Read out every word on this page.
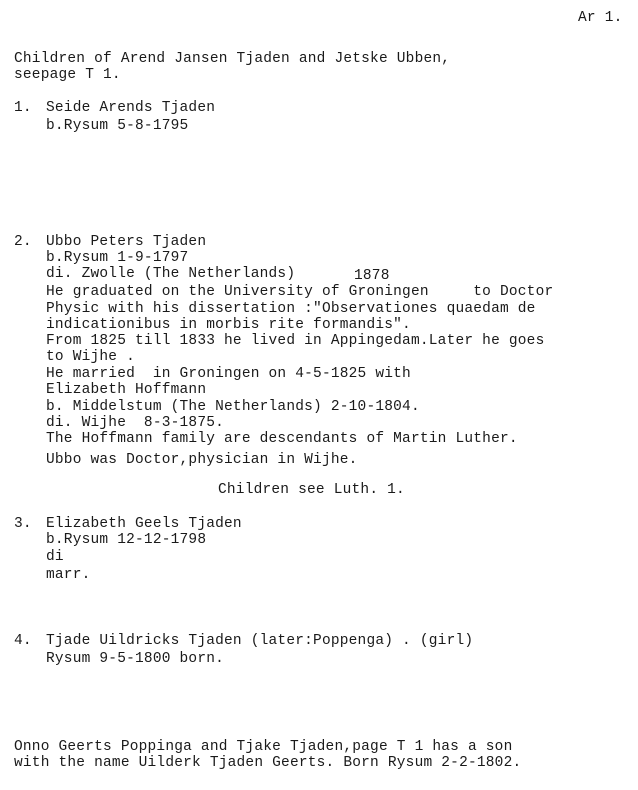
Ar 1.
Children of Arend Jansen Tjaden and Jetske Ubben,
seepage T 1.
1. Seide Arends Tjaden
b.Rysum 5-8-1795
2. Ubbo Peters Tjaden
b.Rysum 1-9-1797
di. Zwolle (The Netherlands)	1878
He graduated on the University of Groningen     to Doctor
Physic with his dissertation :"Observationes quaedam de
indicationibus in morbis rite formandis".
From 1825 till 1833 he lived in Appingedam.Later he goes
to Wijhe .
He married  in Groningen on 4-5-1825 with
Elizabeth Hoffmann
b. Middelstum (The Netherlands) 2-10-1804.
di. Wijhe  8-3-1875.
The Hoffmann family are descendants of Martin Luther.
Ubbo was Doctor,physician in Wijhe.
Children see Luth. 1.
3. Elizabeth Geels Tjaden
b.Rysum 12-12-1798
di
marr.
4. Tjade Uildricks Tjaden (later:Poppenga) . (girl)
Rysum 9-5-1800 born.
Onno Geerts Poppinga and Tjake Tjaden,page T 1 has a son
with the name Uilderk Tjaden Geerts. Born Rysum 2-2-1802.
